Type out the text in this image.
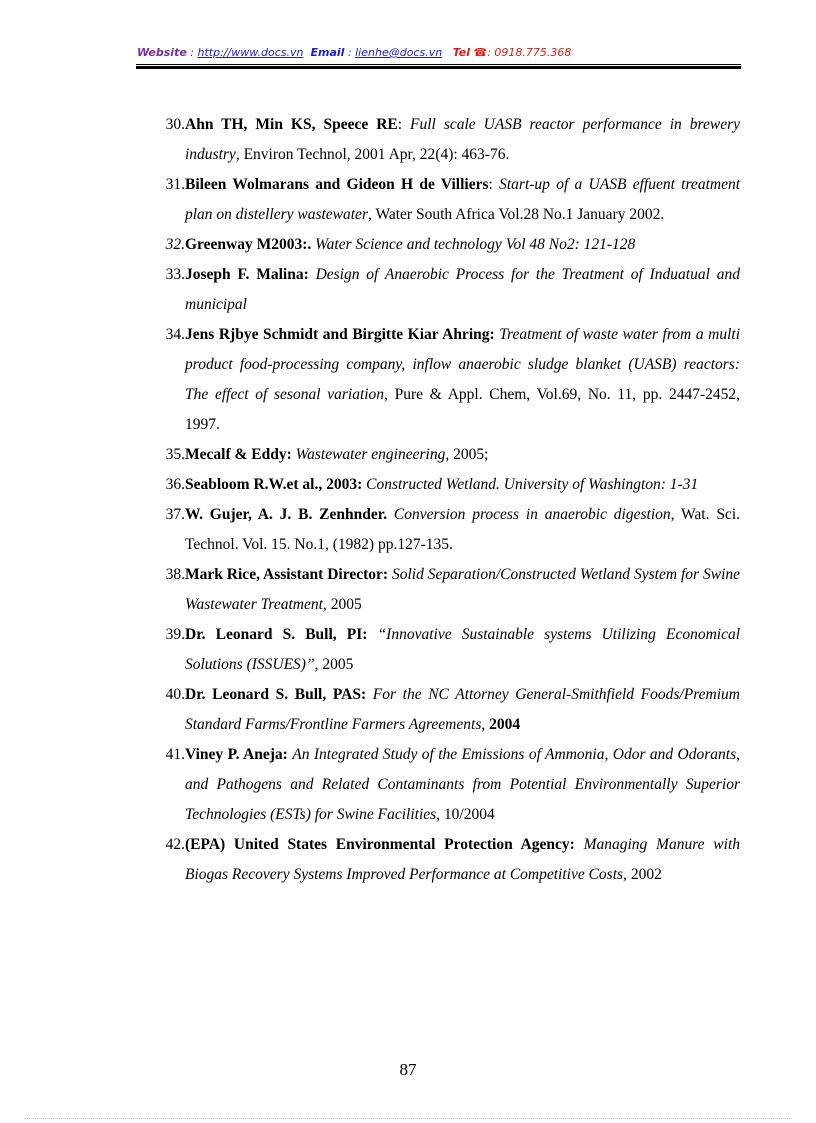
Website : http://www.docs.vn Email : lienhe@docs.vn Tel ☎: 0918.775.368
30. Ahn TH, Min KS, Speece RE: Full scale UASB reactor performance in brewery industry, Environ Technol, 2001 Apr, 22(4): 463-76.
31. Bileen Wolmarans and Gideon H de Villiers: Start-up of a UASB effuent treatment plan on distellery wastewater, Water South Africa Vol.28 No.1 January 2002.
32. Greenway M2003:. Water Science and technology Vol 48 No2: 121-128
33. Joseph F. Malina: Design of Anaerobic Process for the Treatment of Induatual and municipal
34. Jens Rjbye Schmidt and Birgitte Kiar Ahring: Treatment of waste water from a multi product food-processing company, inflow anaerobic sludge blanket (UASB) reactors: The effect of sesonal variation, Pure & Appl. Chem, Vol.69, No. 11, pp. 2447-2452, 1997.
35. Mecalf & Eddy: Wastewater engineering, 2005;
36. Seabloom R.W.et al., 2003: Constructed Wetland. University of Washington: 1-31
37. W. Gujer, A. J. B. Zenhnder. Conversion process in anaerobic digestion, Wat. Sci. Technol. Vol. 15. No.1, (1982) pp.127-135.
38. Mark Rice, Assistant Director: Solid Separation/Constructed Wetland System for Swine Wastewater Treatment, 2005
39. Dr. Leonard S. Bull, PI: “Innovative Sustainable systems Utilizing Economical Solutions (ISSUES)”, 2005
40. Dr. Leonard S. Bull, PAS: For the NC Attorney General-Smithfield Foods/Premium Standard Farms/Frontline Farmers Agreements, 2004
41. Viney P. Aneja: An Integrated Study of the Emissions of Ammonia, Odor and Odorants, and Pathogens and Related Contaminants from Potential Environmentally Superior Technologies (ESTs) for Swine Facilities, 10/2004
42. (EPA) United States Environmental Protection Agency: Managing Manure with Biogas Recovery Systems Improved Performance at Competitive Costs, 2002
87
